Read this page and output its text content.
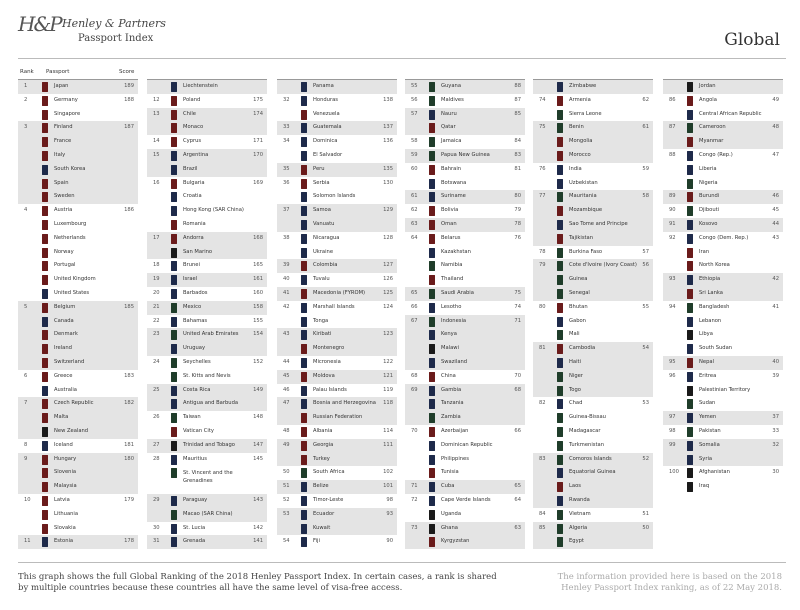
H&P Henley & Partners
Passport Index	Global
Rank Passport	Score
1	Japan	189
2	Germany	188
Singapore
3	Finland	187
France
Italy
South Korea
Spain
Sweden
4	Austria	186
Luxembourg
Netherlands
Norway
Portugal
United Kingdom
United States
5	Belgium	185
Canada
Denmark
Ireland
Switzerland
6	Greece	183
Australia
7	Czech Republic	182
Malta
New Zealand
8	Iceland	181
9	Hungary	180
Slovenia
Malaysia
10	Latvia	179
Lithuania
Slovakia
11	Estonia	178
Liechtenstein
12	Poland	175
13	Chile	174
Monaco
14	Cyprus	171
15	Argentina	170
Brazil
16	Bulgaria	169
Croatia
Hong Kong (SAR China)
Romania
17	Andorra	168
San Marino
18	Brunei	165
19	Israel	161
20	Barbados	160
21	Mexico	158
22	Bahamas	155
23	United Arab Emirates	154
Uruguay
24	Seychelles	152
St. Kitts and Nevis
25	Costa Rica	149
Antigua and Barbuda
26	Taiwan	148
Vatican City
27	Trinidad and Tobago	147
28	Mauritius	145
St. Vincent and the Grenadines
29	Paraguay	143
Macao (SAR China)
30	St. Lucia	142
31	Grenada	141
Panama
32	Honduras	138
Venezuela
33	Guatemala	137
34	Dominica	136
El Salvador
35	Peru	135
36	Serbia	130
Solomon Islands
37	Samoa	129
Vanuatu
38	Nicaragua	128
Ukraine
39	Colombia	127
40	Tuvalu	126
41	Macedonia (FYROM)	125
42	Marshall Islands	124
Tonga
43	Kiribati	123
Montenegro
44	Micronesia	122
45	Moldova	121
46	Palau Islands	119
47	Bosnia and Herzegovina 118
Russian Federation
48	Albania	114
49	Georgia	111
Turkey
50	South Africa	102
51	Belize	101
52	Timor-Leste	98
53	Ecuador	93
Kuwait
54	Fiji	90
55	Guyana	88
56	Maldives	87
57	Nauru	85
Qatar
58	Jamaica	84
59	Papua New Guinea	83
60	Bahrain	81
Botswana
61	Suriname	80
62	Bolivia	79
63	Oman	78
64	Belarus	76
Kazakhstan
Namibia
Thailand
65	Saudi Arabia	75
66	Lesotho	74
67	Indonesia	71
Kenya
Malawi
Swaziland
68	China	70
69	Gambia	68
Tanzania
Zambia
70	Azerbaijan	66
Dominican Republic
Philippines
Tunisia
71	Cuba	65
72	Cape Verde Islands	64
Uganda
73	Ghana	63
Kyrgyzstan
Zimbabwe
74	Armenia	62
Sierra Leone
75	Benin	61
Mongolia
Morocco
76	India	59
Uzbekistan
77	Mauritania	58
Mozambique
Sao Tome and Principe
Tajikistan
78	Burkina Faso	57
79	Cote d'Ivoire (Ivory Coast) 56
Guinea
Senegal
80	Bhutan	55
Gabon
Mali
81	Cambodia	54
Haiti
Niger
Togo
82	Chad	53
Guinea-Bissau
Madagascar
Turkmenistan
83	Comoros Islands	52
Equatorial Guinea
Laos
Rwanda
84	Vietnam	51
85	Algeria	50
Egypt
Jordan
86	Angola	49
Central African Republic
87	Cameroon	48
Myanmar
88	Congo (Rep.)	47
Liberia
Nigeria
89	Burundi	46
90	Djibouti	45
91	Kosovo	44
92	Congo (Dem. Rep.)	43
Iran
North Korea
93	Ethiopia	42
Sri Lanka
94	Bangladesh	41
Lebanon
Libya
South Sudan
95	Nepal	40
96	Eritrea	39
Palestinian Territory
Sudan
97	Yemen	37
98	Pakistan	33
99	Somalia	32
Syria
100	Afghanistan	30
Iraq
This graph shows the full Global Ranking of the 2018 Henley Passport Index. In certain cases, a rank is shared by multiple countries because these countries all have the same level of visa-free access.
The information provided here is based on the 2018 Henley Passport Index ranking, as of 22 May 2018.
